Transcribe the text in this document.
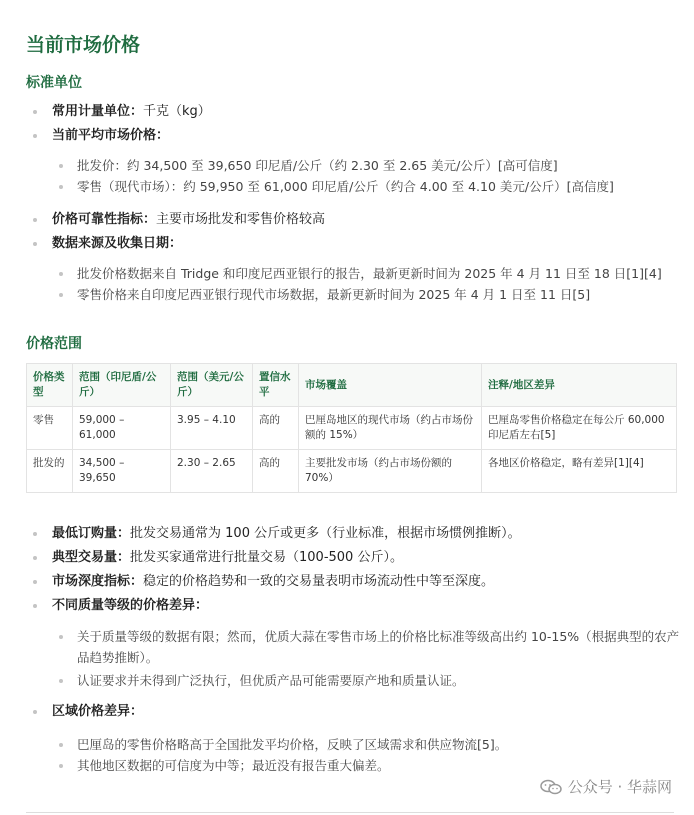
当前市场价格
标准单位
常用计量单位：千克（kg）
当前平均市场价格：
批发价：约 34,500 至 39,650 印尼盾/公斤（约 2.30 至 2.65 美元/公斤）[高可信度]
零售（现代市场）：约 59,950 至 61,000 印尼盾/公斤（约合 4.00 至 4.10 美元/公斤）[高信度]
价格可靠性指标：主要市场批发和零售价格较高
数据来源及收集日期：
批发价格数据来自 Tridge 和印度尼西亚银行的报告，最新更新时间为 2025 年 4 月 11 日至 18 日[1][4]
零售价格来自印度尼西亚银行现代市场数据，最新更新时间为 2025 年 4 月 1 日至 11 日[5]
价格范围
价格类型	范围（印尼盾/公斤）	范围（美元/公斤）	置信水平	市场覆盖	注释/地区差异
零售	59,000 – 61,000	3.95 – 4.10	高的	巴厘岛地区的现代市场（约占市场份额的 15%）	巴厘岛零售价格稳定在每公斤 60,000 印尼盾左右[5]
批发的	34,500 – 39,650	2.30 – 2.65	高的	主要批发市场（约占市场份额的 70%）	各地区价格稳定，略有差异[1][4]
最低订购量：批发交易通常为 100 公斤或更多（行业标准，根据市场惯例推断）。
典型交易量：批发买家通常进行批量交易（100-500 公斤）。
市场深度指标：稳定的价格趋势和一致的交易量表明市场流动性中等至深度。
不同质量等级的价格差异：
关于质量等级的数据有限；然而，优质大蒜在零售市场上的价格比标准等级高出约 10-15%（根据典型的农产品趋势推断）。
认证要求并未得到广泛执行，但优质产品可能需要原产地和质量认证。
区域价格差异：
巴厘岛的零售价格略高于全国批发平均价格，反映了区域需求和供应物流[5]。
其他地区数据的可信度为中等；最近没有报告重大偏差。
公众号 · 华蒜网
